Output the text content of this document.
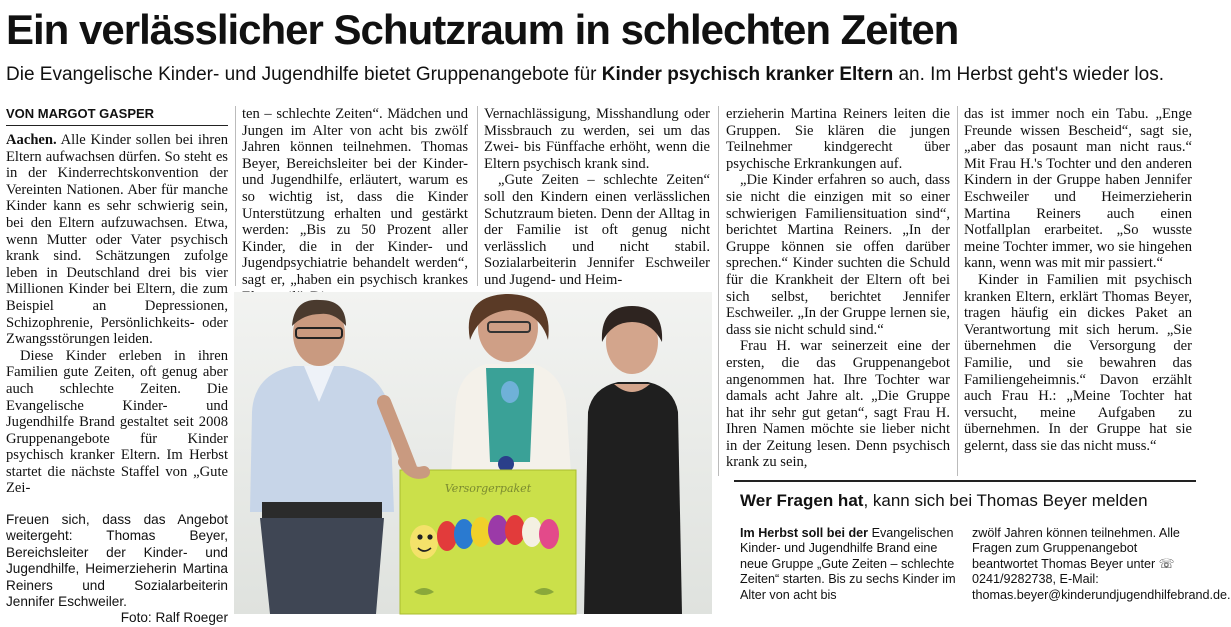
Ein verlässlicher Schutzraum in schlechten Zeiten
Die Evangelische Kinder- und Jugendhilfe bietet Gruppenangebote für Kinder psychisch kranker Eltern an. Im Herbst geht's wieder los.
VON MARGOT GASPER

Aachen. Alle Kinder sollen bei ihren Eltern aufwachsen dürfen. So steht es in der Kinderrechtskonvention der Vereinten Nationen. Aber für manche Kinder kann es sehr schwierig sein, bei den Eltern aufzuwachsen. Etwa, wenn Mutter oder Vater psychisch krank sind. Schätzungen zufolge leben in Deutschland drei bis vier Millionen Kinder bei Eltern, die zum Beispiel an Depressionen, Schizophrenie, Persönlichkeits- oder Zwangsstörungen leiden.

Diese Kinder erleben in ihren Familien gute Zeiten, oft genug aber auch schlechte Zeiten. Die Evangelische Kinder- und Jugendhilfe Brand gestaltet seit 2008 Gruppenangebote für Kinder psychisch kranker Eltern. Im Herbst startet die nächste Staffel von „Gute Zei-

Freuen sich, dass das Angebot weitergeht: Thomas Beyer, Bereichsleiter der Kinder- und Jugendhilfe, Heimerzieherin Martina Reiners und Sozialarbeiterin Jennifer Eschweiler.

Foto: Ralf Roeger

ten – schlechte Zeiten“. Mädchen und Jungen im Alter von acht bis zwölf Jahren können teilnehmen. Thomas Beyer, Bereichsleiter bei der Kinder- und Jugendhilfe, erläutert, warum es so wichtig ist, dass die Kinder Unterstützung erhalten und gestärkt werden: „Bis zu 50 Prozent aller Kinder, die in der Kinder- und Jugendpsychiatrie behandelt werden“, sagt er, „haben ein psychisch krankes

Vernachlässigung, Misshandlung oder Missbrauch zu werden, sei um das Zwei- bis Fünffache erhöht, wenn die Eltern psychisch krank sind.

„Gute Zeiten – schlechte Zeiten“ soll den Kindern einen verlässlichen Schutzraum bieten. Denn der Alltag in der Familie ist oft genug nicht verlässlich und nicht stabil. Sozialarbeiterin Jennifer Eschweiler und Jugend- und Heim-

erzieherin Martina Reiners leiten die Gruppen. Sie klären die jungen Teilnehmer kindgerecht über psychische Erkrankungen auf.

„Die Kinder erfahren so auch, dass sie nicht die einzigen mit so einer schwierigen Familiensituation sind“, berichtet Martina Reiners. „In der Gruppe können sie offen darüber sprechen.“ Kinder suchten die Schuld für die Krankheit der Eltern oft bei sich selbst, berichtet Jennifer Eschweiler. „In der Gruppe lernen sie, dass sie nicht schuld sind.“

Frau H. war seinerzeit eine der ersten, die das Gruppenangebot angenommen hat. Ihre Tochter war damals acht Jahre alt. „Die Gruppe hat ihr sehr gut getan“, sagt Frau H. Ihren Namen möchte sie lieber nicht in der Zeitung lesen. Denn psychisch krank zu sein,

das ist immer noch ein Tabu. „Enge Freunde wissen Bescheid“, sagt sie, „aber das posaunt man nicht raus.“ Mit Frau H.'s Tochter und den anderen Kindern in der Gruppe haben Jennifer Eschweiler und Heimerzieherin Martina Reiners auch einen Notfallplan erarbeitet. „So wusste meine Tochter immer, wo sie hingehen kann, wenn was mit mir passiert.“

Kinder in Familien mit psychisch kranken Eltern, erklärt Thomas Beyer, tragen häufig ein dickes Paket an Verantwortung mit sich herum. „Sie übernehmen die Versorgung der Familie, und sie bewahren das Familiengeheimnis.“ Davon erzählt auch Frau H.: „Meine Tochter hat versucht, meine Aufgaben zu übernehmen. In der Gruppe hat sie gelernt, dass sie das nicht muss.“

Versorgerpaket
Wer Fragen hat, kann sich bei Thomas Beyer melden

Im Herbst soll bei der Evangelischen Kinder- und Jugendhilfe Brand eine neue Gruppe „Gute Zeiten – schlechte Zeiten“ starten. Bis zu sechs Kinder im Alter von acht bis

zwölf Jahren können teilnehmen. Alle Fragen zum Gruppenangebot beantwortet Thomas Beyer unter ☏ 0241/9282738, E-Mail: thomas.beyer@kinderundjugendhilfebrand.de.
